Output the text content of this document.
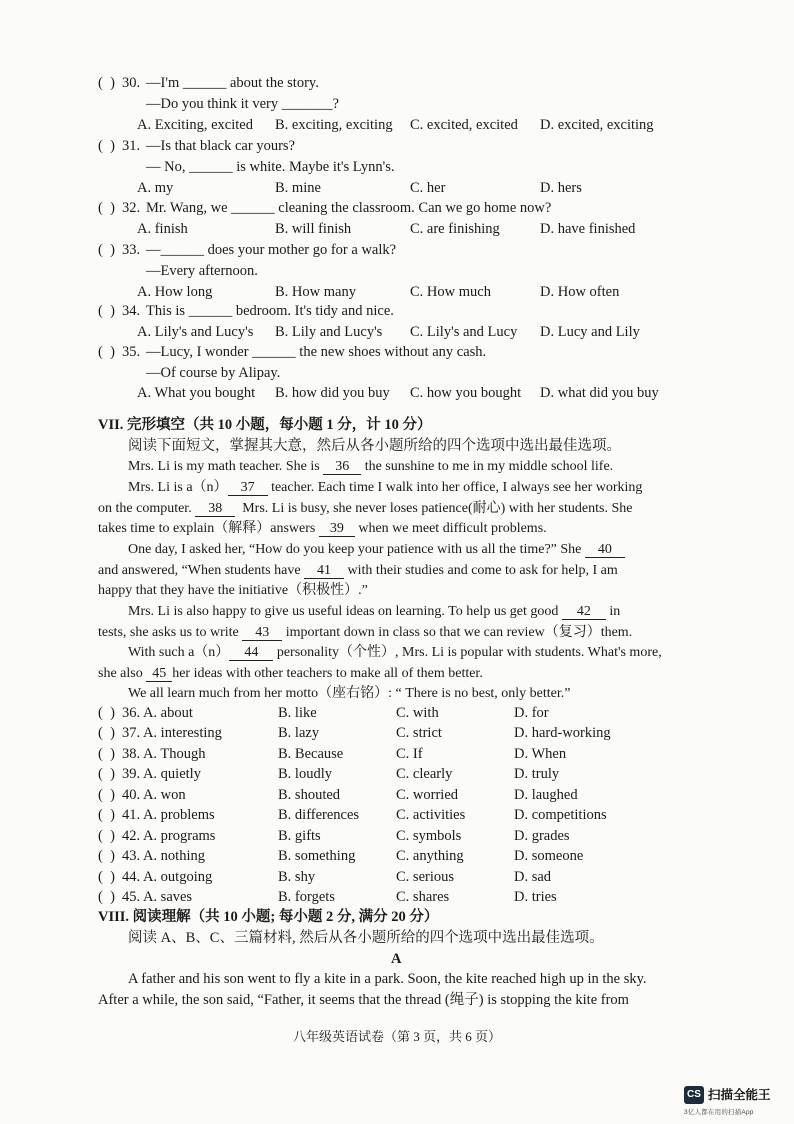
(  ) 30. —I'm ______ about the story.
—Do you think it very _______?
A. Exciting, excited B. exciting, exciting C. excited, excited D. excited, exciting
(  ) 31. —Is that black car yours?
— No, ______ is white. Maybe it's Lynn's.
A. my	B. mine	C. her	D. hers
(  ) 32. Mr. Wang, we ______ cleaning the classroom. Can we go home now?
A. finish	B. will finish	C. are finishing	D. have finished
(  ) 33. —______ does your mother go for a walk?
—Every afternoon.
A. How long	B. How many	C. How much	D. How often
(  ) 34. This is ______ bedroom. It's tidy and nice.
A. Lily's and Lucy's B. Lily and Lucy's C. Lily's and Lucy D. Lucy and Lily
(  ) 35. —Lucy, I wonder ______ the new shoes without any cash.
—Of course by Alipay.
A. What you bought B. how did you buy C. how you bought D. what did you buy
VII. 完形填空（共 10 小题，每小题 1 分，计 10 分）
阅读下面短文，掌握其大意，然后从各小题所给的四个选项中选出最佳选项。
Mrs. Li is my math teacher. She is 36 the sunshine to me in my middle school life.
Mrs. Li is a（n） 37 teacher. Each time I walk into her office, I always see her working
on the computer. 38  Mrs. Li is busy, she never loses patience(耐心) with her students. She
takes time to explain（解释）answers 39 when we meet difficult problems.
One day, I asked her, “How do you keep your patience with us all the time?” She 40
and answered, “When students have 41 with their studies and come to ask for help, I am
happy that they have the initiative（积极性）.”
Mrs. Li is also happy to give us useful ideas on learning. To help us get good 42 in
tests, she asks us to write 43 important down in class so that we can review（复习）them.
With such a（n） 44 personality（个性）, Mrs. Li is popular with students. What's more,
she also 45 her ideas with other teachers to make all of them better.
We all learn much from her motto（座右铭）: “ There is no best, only better.”
(  ) 36. A. about	B. like	C. with	D. for
(  ) 37. A. interesting	B. lazy	C. strict	D. hard-working
(  ) 38. A. Though	B. Because	C. If	D. When
(  ) 39. A. quietly	B. loudly	C. clearly	D. truly
(  ) 40. A. won	B. shouted	C. worried	D. laughed
(  ) 41. A. problems	B. differences	C. activities	D. competitions
(  ) 42. A. programs	B. gifts	C. symbols	D. grades
(  ) 43. A. nothing	B. something	C. anything	D. someone
(  ) 44. A. outgoing	B. shy	C. serious	D. sad
(  ) 45. A. saves	B. forgets	C. shares	D. tries
VIII. 阅读理解（共 10 小题; 每小题 2 分, 满分 20 分）
阅读 A、B、C、三篇材料, 然后从各小题所给的四个选项中选出最佳选项。
A
A father and his son went to fly a kite in a park. Soon, the kite reached high up in the sky.
After a while, the son said, “Father, it seems that the thread (绳子) is stopping the kite from
八年级英语试卷（第 3 页，共 6 页）
CS 扫描全能王
3亿人都在用的扫描App
